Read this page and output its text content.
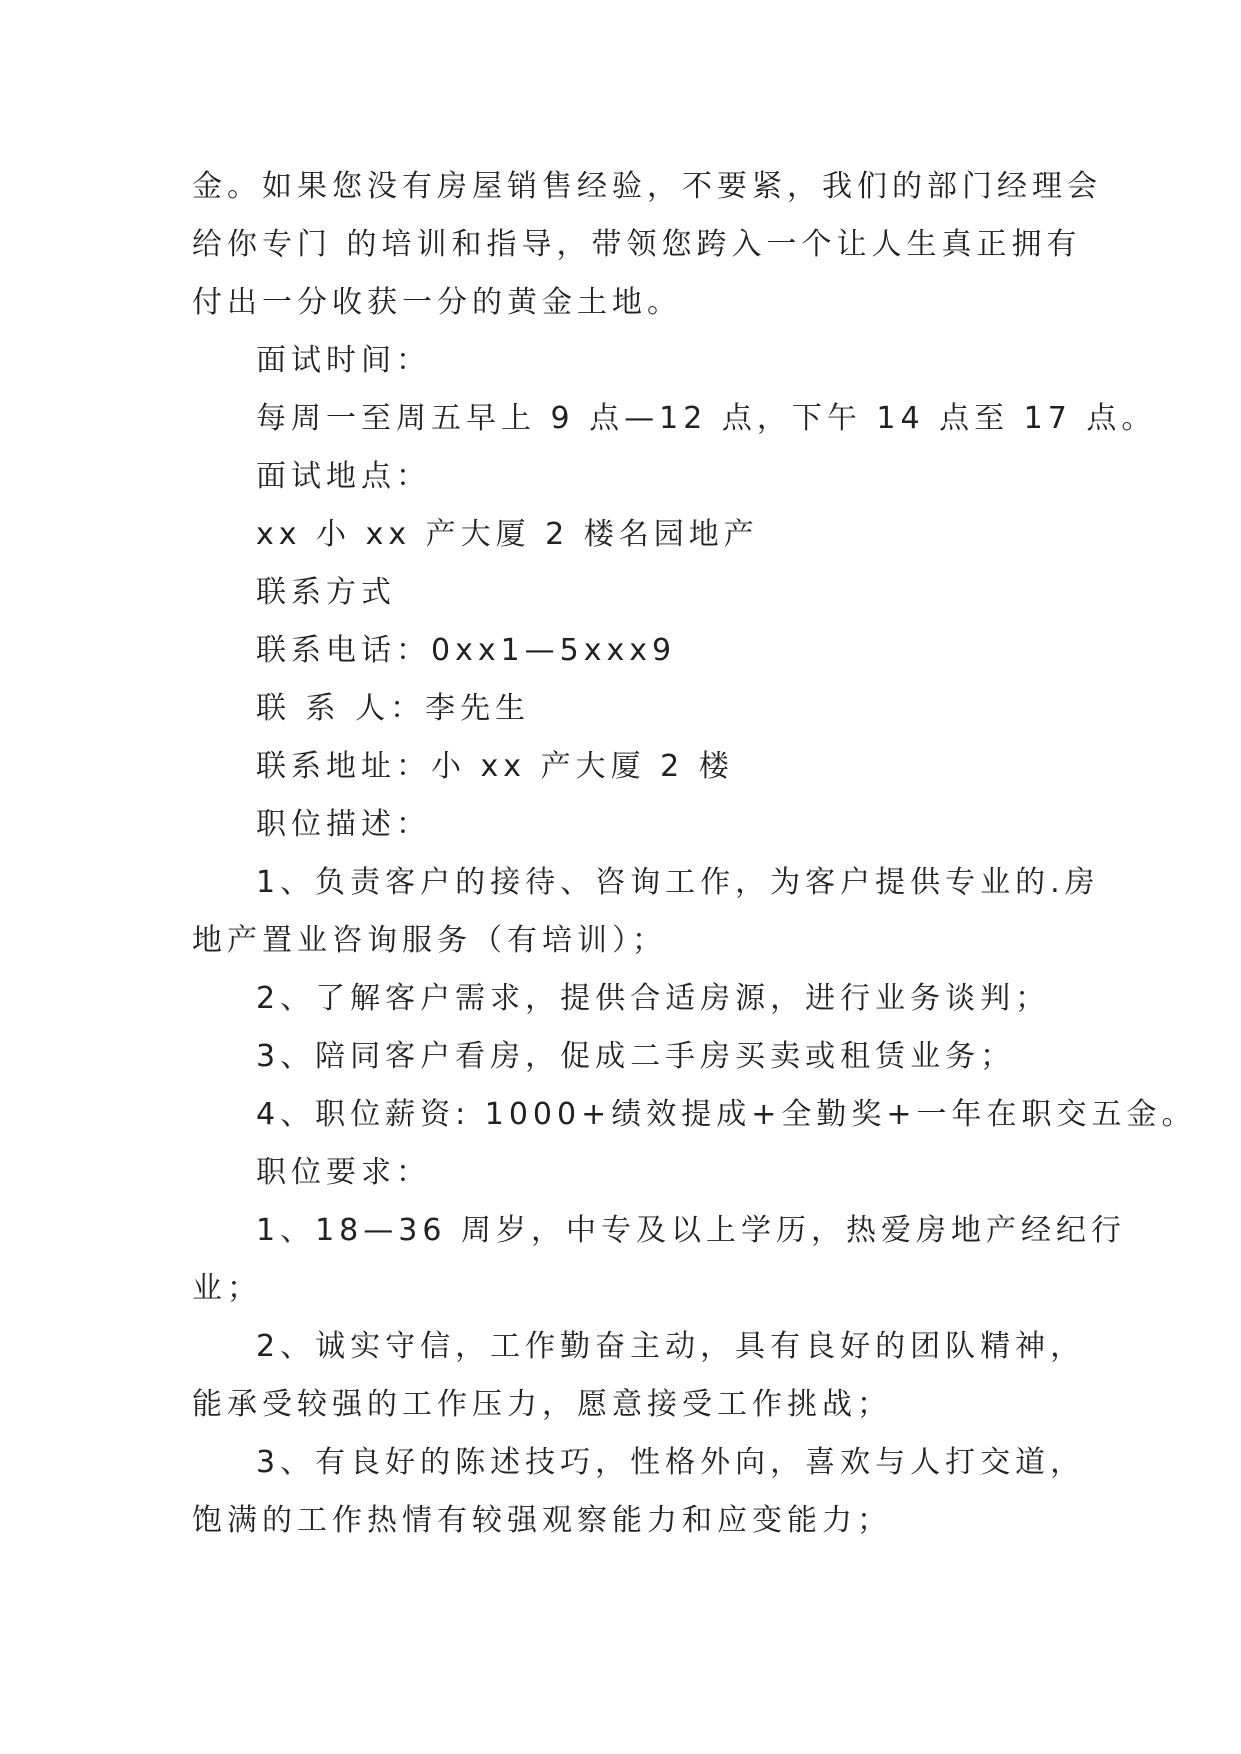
金。如果您没有房屋销售经验，不要紧，我们的部门经理会
给你专门 的培训和指导，带领您跨入一个让人生真正拥有
付出一分收获一分的黄金土地。
面试时间：
每周一至周五早上 9 点—12 点，下午 14 点至 17 点。
面试地点：
xx 小 xx 产大厦 2 楼名园地产
联系方式
联系电话：0xx1—5xxx9
联 系 人：李先生
联系地址：小 xx 产大厦 2 楼
职位描述：
1、负责客户的接待、咨询工作，为客户提供专业的.房
地产置业咨询服务（有培训）；
2、了解客户需求，提供合适房源，进行业务谈判；
3、陪同客户看房，促成二手房买卖或租赁业务；
4、职位薪资: 1000+绩效提成+全勤奖+一年在职交五金。
职位要求：
1、18—36 周岁，中专及以上学历，热爱房地产经纪行
业；
2、诚实守信，工作勤奋主动，具有良好的团队精神，
能承受较强的工作压力，愿意接受工作挑战；
3、有良好的陈述技巧，性格外向，喜欢与人打交道，
饱满的工作热情有较强观察能力和应变能力；
